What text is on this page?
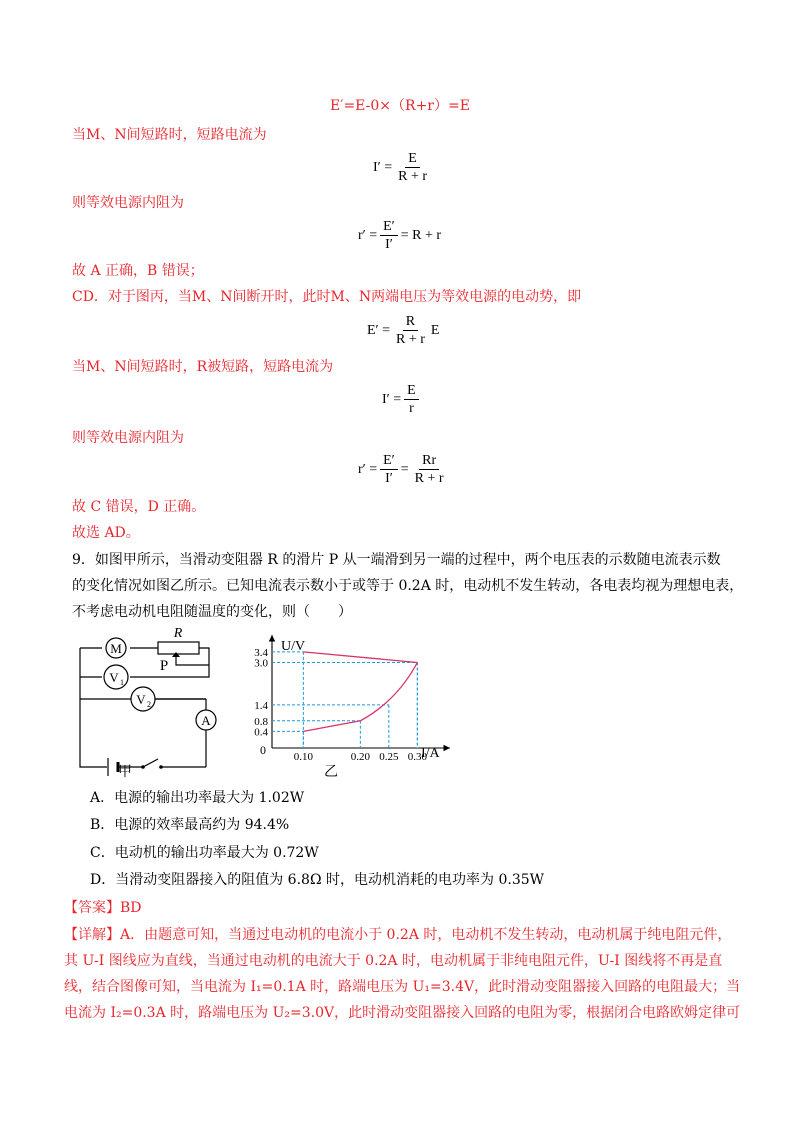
E′=E-0×（R+r）=E
当M、N间短路时，短路电流为
$I' = \frac{E}{R + r}$
则等效电源内阻为
$r' = \frac{E'}{I'} = R + r$
故 A 正确，B 错误；
CD．对于图丙，当M、N间断开时，此时M、N两端电压为等效电源的电动势，即
$E' = \frac{R}{R + r}$ E
当M、N间短路时，R被短路，短路电流为
$I' = \frac{E}{r}$
则等效电源内阻为
$r' = \frac{E'}{I'} = \frac{Rr}{R + r}$
故 C 错误，D 正确。
故选 AD。
9．如图甲所示，当滑动变阻器 R 的滑片 P 从一端滑到另一端的过程中，两个电压表的示数随电流表示数
的变化情况如图乙所示。已知电流表示数小于或等于 0.2A 时，电动机不发生转动，各电表均视为理想电表，
不考虑电动机电阻随温度的变化，则（　　）
M
R
P
V 1
V 2
A
甲
U/V
I/A
0
3.4
3.0
1.4
0.8
0.4
0.10	0.20 0.25 0.30
乙
A．电源的输出功率最大为 1.02W
B．电源的效率最高约为 94.4%
C．电动机的输出功率最大为 0.72W
D．当滑动变阻器接入的阻值为 6.8Ω 时，电动机消耗的电功率为 0.35W
【答案】BD
【详解】A．由题意可知，当通过电动机的电流小于 0.2A 时，电动机不发生转动，电动机属于纯电阻元件，
其 U-I 图线应为直线，当通过电动机的电流大于 0.2A 时，电动机属于非纯电阻元件，U-I 图线将不再是直
线，结合图像可知，当电流为 I₁=0.1A 时，路端电压为 U₁=3.4V，此时滑动变阻器接入回路的电阻最大；当
电流为 I₂=0.3A 时，路端电压为 U₂=3.0V，此时滑动变阻器接入回路的电阻为零，根据闭合电路欧姆定律可
